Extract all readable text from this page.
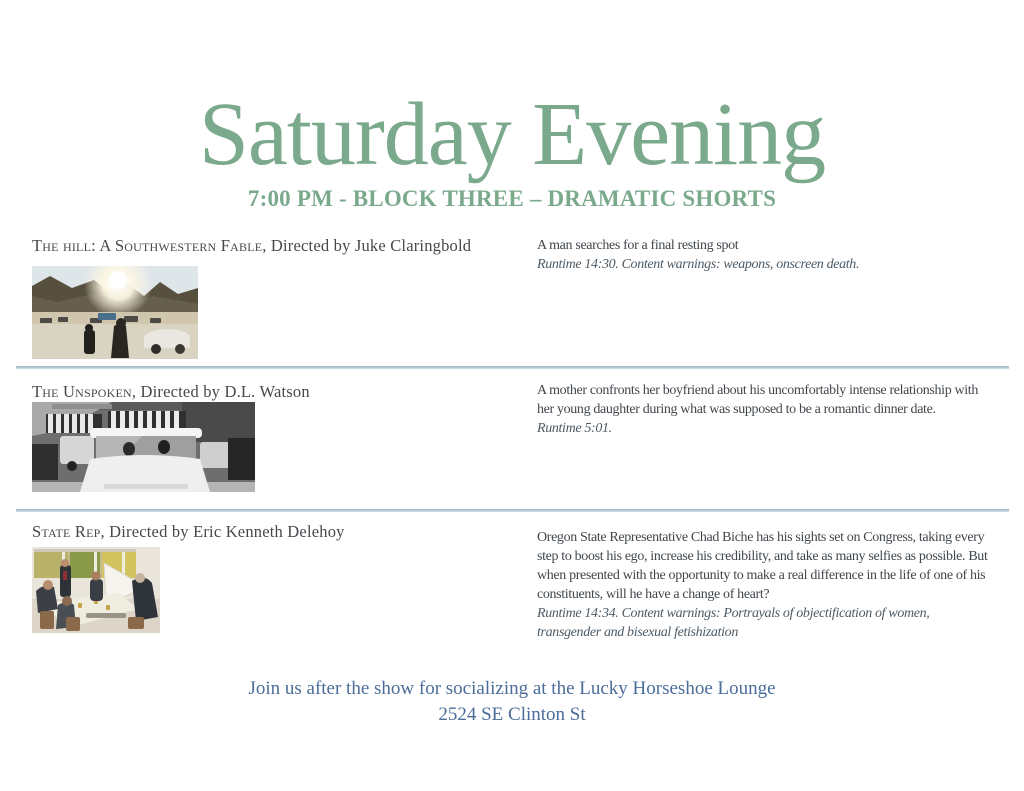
Saturday Evening
7:00 PM - BLOCK THREE – DRAMATIC SHORTS
The hill: A Southwestern Fable, Directed by Juke Claringbold	A man searches for a final resting spot

Runtime 14:30. Content warnings: weapons, onscreen death.

The Unspoken, Directed by D.L. Watson	A mother confronts her boyfriend about his uncomfortably intense relationship with her young daughter during what was supposed to be a romantic dinner date.

Runtime 5:01.

State Rep, Directed by Eric Kenneth Delehoy	Oregon State Representative Chad Biche has his sights set on Congress, taking every step to boost his ego, increase his credibility, and take as many selfies as possible. But when presented with the opportunity to make a real difference in the life of one of his constituents, will he have a change of heart?

Runtime 14:34. Content warnings: Portrayals of objectification of women, transgender and bisexual fetishization

Join us after the show for socializing at the Lucky Horseshoe Lounge
2524 SE Clinton St
